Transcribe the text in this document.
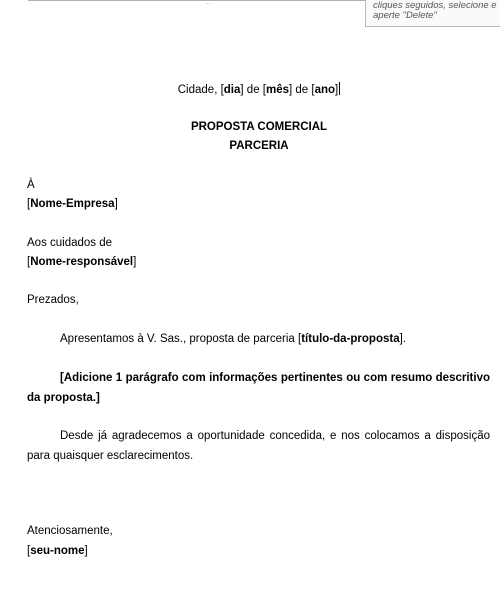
..	cliques seguidos, selecione e
aperte "Delete"
Cidade, [dia] de [mês] de [ano]
PROPOSTA COMERCIAL
PARCERIA
À
[Nome-Empresa]
Aos cuidados de
[Nome-responsável]
Prezados,
Apresentamos à V. Sas., proposta de parceria [título-da-proposta].
[Adicione 1 parágrafo com informações pertinentes ou com resumo descritivo da proposta.]
Desde já agradecemos a oportunidade concedida, e nos colocamos a disposição para quaisquer esclarecimentos.
Atenciosamente,
[seu-nome]
